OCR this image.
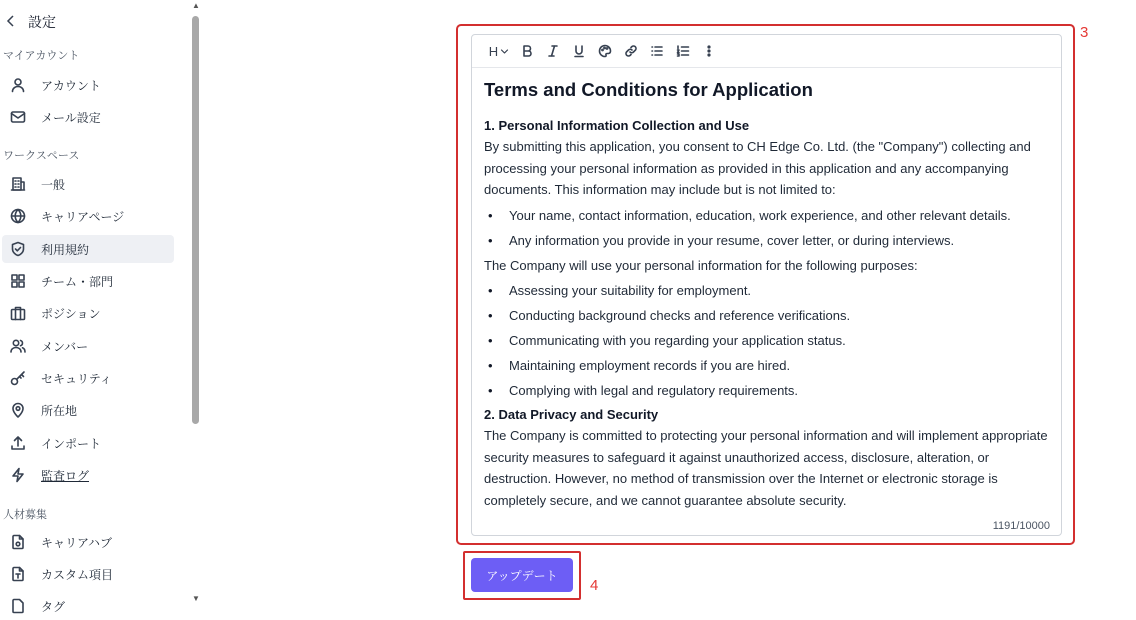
設定
マイアカウント
アカウント
メール設定
ワークスペース
一般
キャリアページ
利用規約
チーム・部門
ポジション
メンバー
セキュリティ
所在地
インポート
監査ログ
人材募集
キャリアハブ
カスタム項目
タグ
▲
▼
3
H
Terms and Conditions for Application
1. Personal Information Collection and Use

By submitting this application, you consent to CH Edge Co. Ltd. (the "Company") collecting and processing your personal information as provided in this application and any accompanying documents. This information may include but is not limited to:

• Your name, contact information, education, work experience, and other relevant details.
• Any information you provide in your resume, cover letter, or during interviews.

The Company will use your personal information for the following purposes:

• Assessing your suitability for employment.
• Conducting background checks and reference verifications.
• Communicating with you regarding your application status.
• Maintaining employment records if you are hired.
• Complying with legal and regulatory requirements.
2. Data Privacy and Security

The Company is committed to protecting your personal information and will implement appropriate security measures to safeguard it against unauthorized access, disclosure, alteration, or destruction. However, no method of transmission over the Internet or electronic storage is completely secure, and we cannot guarantee absolute security.

1191/10000
4
アップデート
